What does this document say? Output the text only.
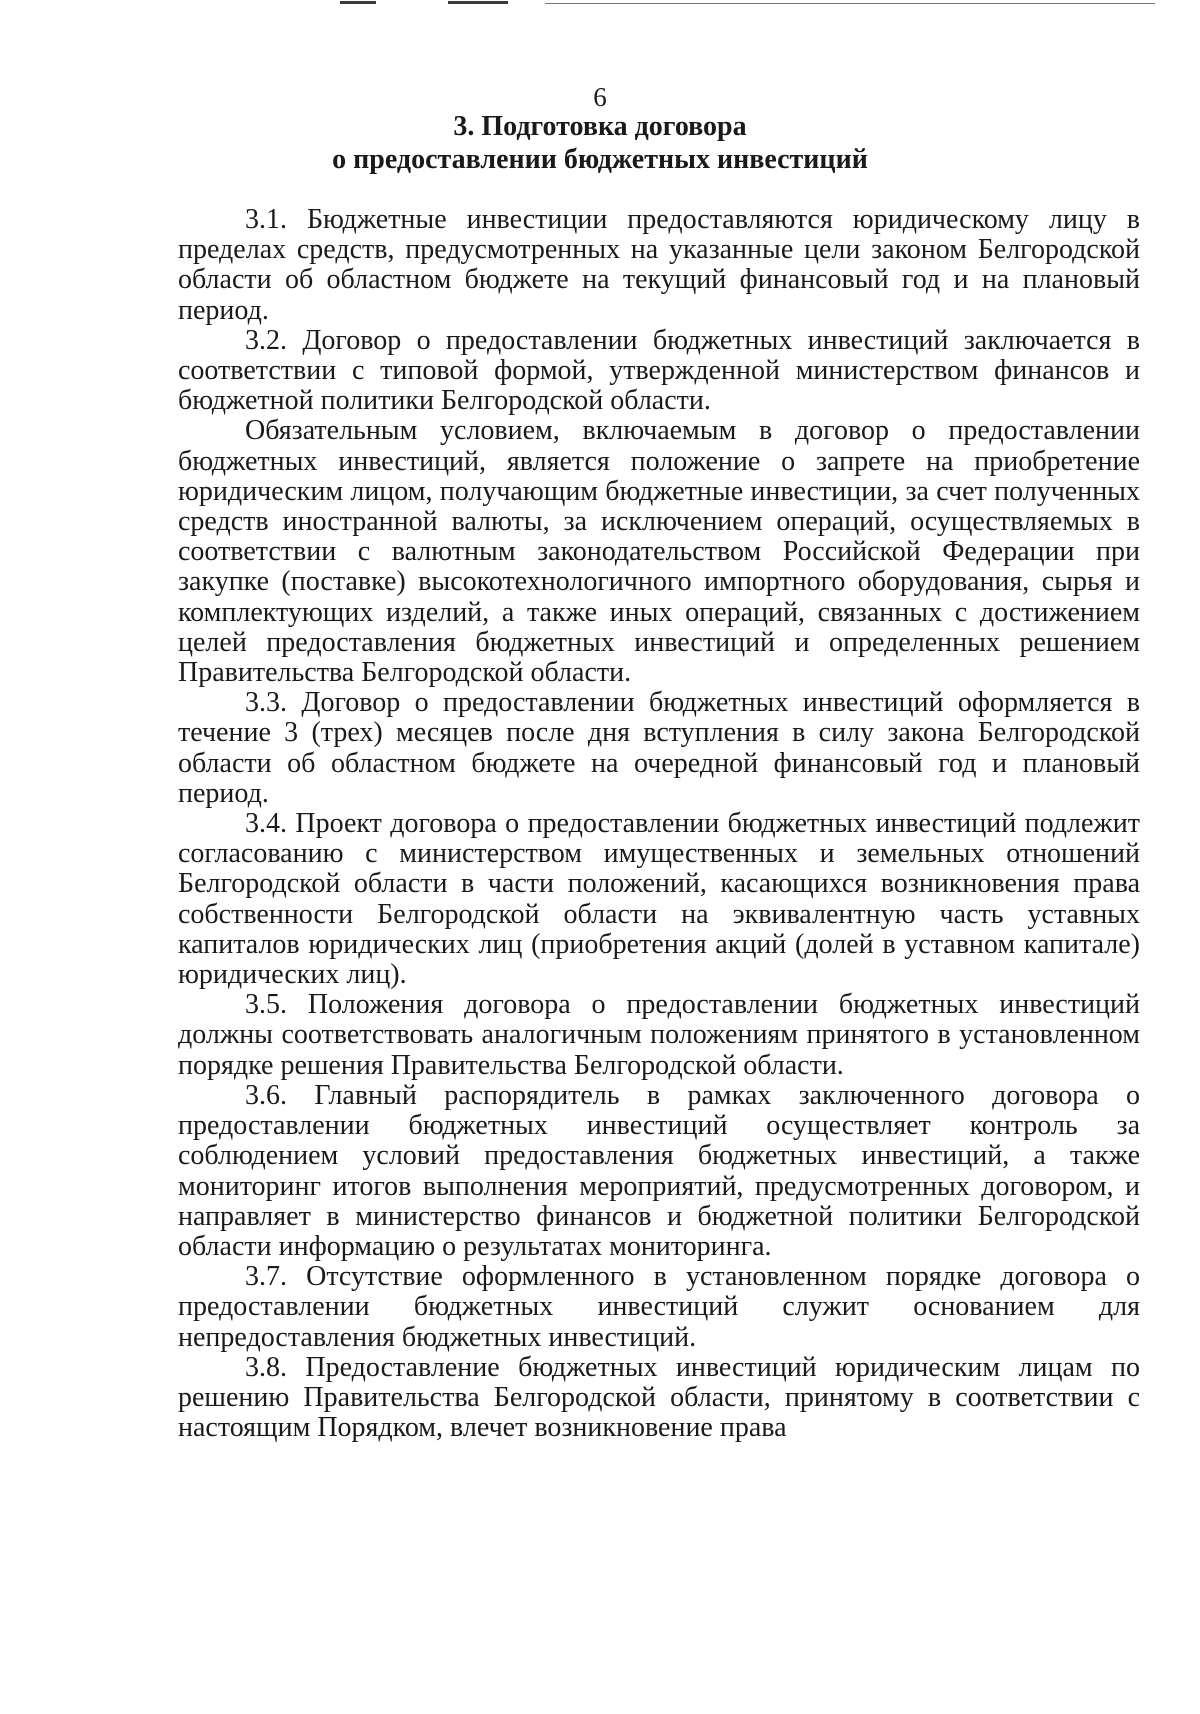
6
3. Подготовка договора
о предоставлении бюджетных инвестиций

3.1. Бюджетные инвестиции предоставляются юридическому лицу в пределах средств, предусмотренных на указанные цели законом Белгородской области об областном бюджете на текущий финансовый год и на плановый период.

3.2. Договор о предоставлении бюджетных инвестиций заключается в соответствии с типовой формой, утвержденной министерством финансов и бюджетной политики Белгородской области.

Обязательным условием, включаемым в договор о предоставлении бюджетных инвестиций, является положение о запрете на приобретение юридическим лицом, получающим бюджетные инвестиции, за счет полученных средств иностранной валюты, за исключением операций, осуществляемых в соответствии с валютным законодательством Российской Федерации при закупке (поставке) высокотехнологичного импортного оборудования, сырья и комплектующих изделий, а также иных операций, связанных с достижением целей предоставления бюджетных инвестиций и определенных решением Правительства Белгородской области.

3.3. Договор о предоставлении бюджетных инвестиций оформляется в течение 3 (трех) месяцев после дня вступления в силу закона Белгородской области об областном бюджете на очередной финансовый год и плановый период.

3.4. Проект договора о предоставлении бюджетных инвестиций подлежит согласованию с министерством имущественных и земельных отношений Белгородской области в части положений, касающихся возникновения права собственности Белгородской области на эквивалентную часть уставных капиталов юридических лиц (приобретения акций (долей в уставном капитале) юридических лиц).

3.5. Положения договора о предоставлении бюджетных инвестиций должны соответствовать аналогичным положениям принятого в установленном порядке решения Правительства Белгородской области.

3.6. Главный распорядитель в рамках заключенного договора о предоставлении бюджетных инвестиций осуществляет контроль за соблюдением условий предоставления бюджетных инвестиций, а также мониторинг итогов выполнения мероприятий, предусмотренных договором, и направляет в министерство финансов и бюджетной политики Белгородской области информацию о результатах мониторинга.

3.7. Отсутствие оформленного в установленном порядке договора о предоставлении бюджетных инвестиций служит основанием для непредоставления бюджетных инвестиций.

3.8. Предоставление бюджетных инвестиций юридическим лицам по решению Правительства Белгородской области, принятому в соответствии с настоящим Порядком, влечет возникновение права
